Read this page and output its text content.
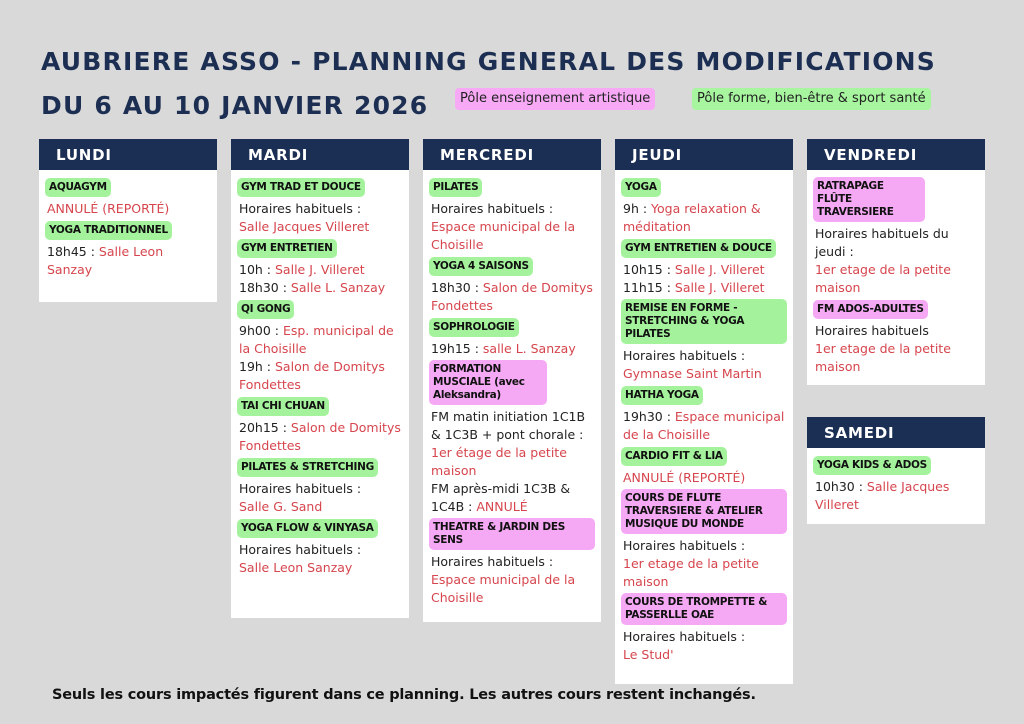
AUBRIERE ASSO - PLANNING GENERAL DES MODIFICATIONS
DU 6 AU 10 JANVIER 2026	Pôle enseignement artistique	Pôle forme, bien-être & sport santé
LUNDI
AQUAGYM
ANNULÉ (REPORTÉ)
YOGA TRADITIONNEL
18h45 : Salle Leon Sanzay
MARDI
GYM TRAD ET DOUCE
Horaires habituels :
Salle Jacques Villeret
GYM ENTRETIEN
10h : Salle J. Villeret
18h30 : Salle L. Sanzay
QI GONG
9h00 : Esp. municipal de la Choisille
19h : Salon de Domitys Fondettes
TAI CHI CHUAN
20h15 : Salon de Domitys Fondettes
PILATES & STRETCHING
Horaires habituels :
Salle G. Sand
YOGA FLOW & VINYASA
Horaires habituels :
Salle Leon Sanzay
MERCREDI
PILATES
Horaires habituels :
Espace municipal de la Choisille
YOGA 4 SAISONS
18h30 : Salon de Domitys Fondettes
SOPHROLOGIE
19h15 : salle L. Sanzay
FORMATION MUSCIALE (avec Aleksandra)
FM matin initiation 1C1B & 1C3B + pont chorale : 1er étage de la petite maison
FM après-midi 1C3B & 1C4B : ANNULÉ
THEATRE & JARDIN DES SENS
Horaires habituels :
Espace municipal de la Choisille
JEUDI
YOGA
9h : Yoga relaxation & méditation
GYM ENTRETIEN & DOUCE
10h15 : Salle J. Villeret
11h15 : Salle J. Villeret
REMISE EN FORME - STRETCHING & YOGA PILATES
Horaires habituels :
Gymnase Saint Martin
HATHA YOGA
19h30 : Espace municipal de la Choisille
CARDIO FIT & LIA
ANNULÉ (REPORTÉ)
COURS DE FLUTE TRAVERSIERE & ATELIER MUSIQUE DU MONDE
Horaires habituels :
1er etage de la petite maison
COURS DE TROMPETTE & PASSERLLE OAE
Horaires habituels :
Le Stud'
VENDREDI
RATRAPAGE FLÛTE TRAVERSIERE
Horaires habituels du jeudi :
1er etage de la petite maison
FM ADOS-ADULTES
Horaires habituels
1er etage de la petite maison
SAMEDI
YOGA KIDS & ADOS
10h30 : Salle Jacques Villeret
Seuls les cours impactés figurent dans ce planning. Les autres cours restent inchangés.
